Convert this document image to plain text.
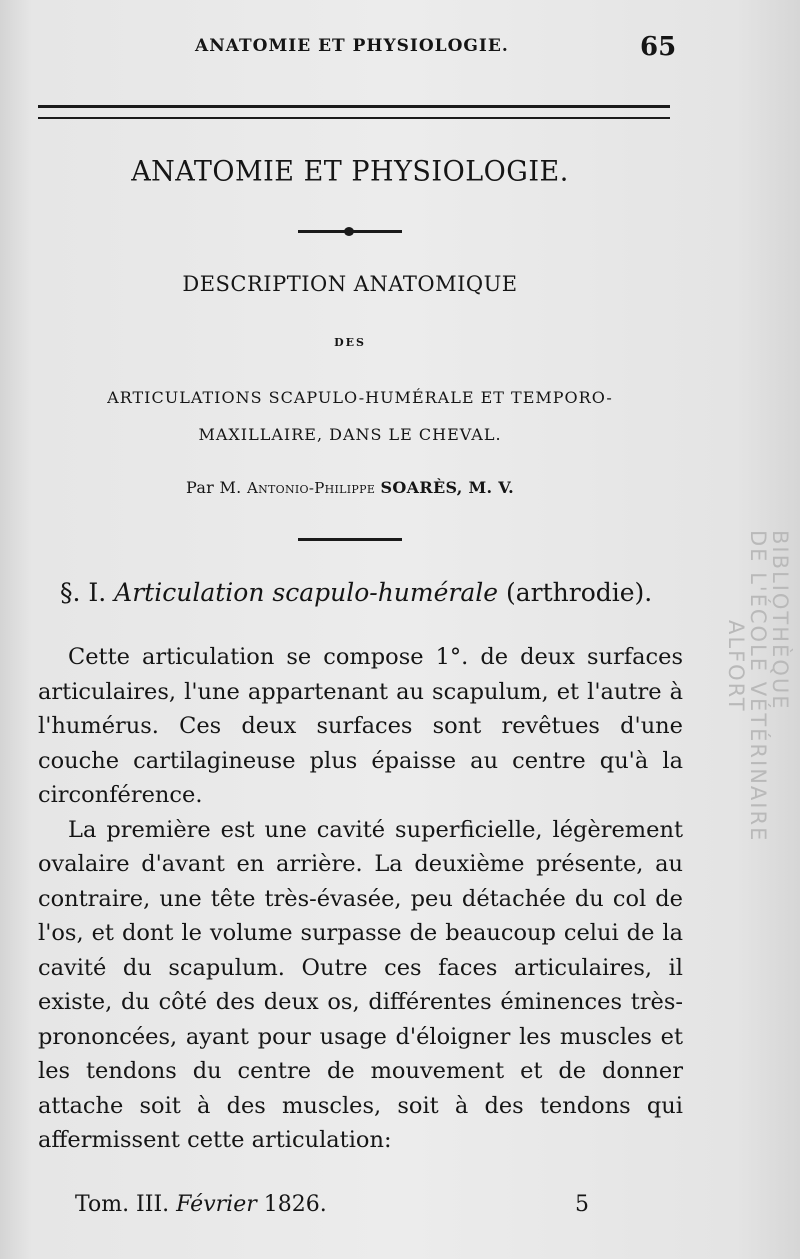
ANATOMIE ET PHYSIOLOGIE.	65
ANATOMIE ET PHYSIOLOGIE.
DESCRIPTION ANATOMIQUE
DES
ARTICULATIONS SCAPULO-HUMÉRALE ET TEMPORO-
MAXILLAIRE, DANS LE CHEVAL.
Par M. Antonio-Philippe SOARÈS, M. V.
§. I. Articulation scapulo-humérale (arthrodie).

Cette articulation se compose 1°. de deux surfaces articulaires, l'une appartenant au scapulum, et l'autre à l'humérus. Ces deux surfaces sont revêtues d'une couche cartilagineuse plus épaisse au centre qu'à la circonférence.

La première est une cavité superficielle, légèrement ovalaire d'avant en arrière. La deuxième présente, au contraire, une tête très-évasée, peu détachée du col de l'os, et dont le volume surpasse de beaucoup celui de la cavité du scapulum. Outre ces faces articulaires, il existe, du côté des deux os, différentes éminences très-prononcées, ayant pour usage d'éloigner les muscles et les tendons du centre de mouvement et de donner attache soit à des muscles, soit à des tendons qui affermissent cette articulation:

Tom. III. Février 1826.	5
BIBLIOTHÈQUE
DE L'ÉCOLE VÉTÉRINAIRE
ALFORT
